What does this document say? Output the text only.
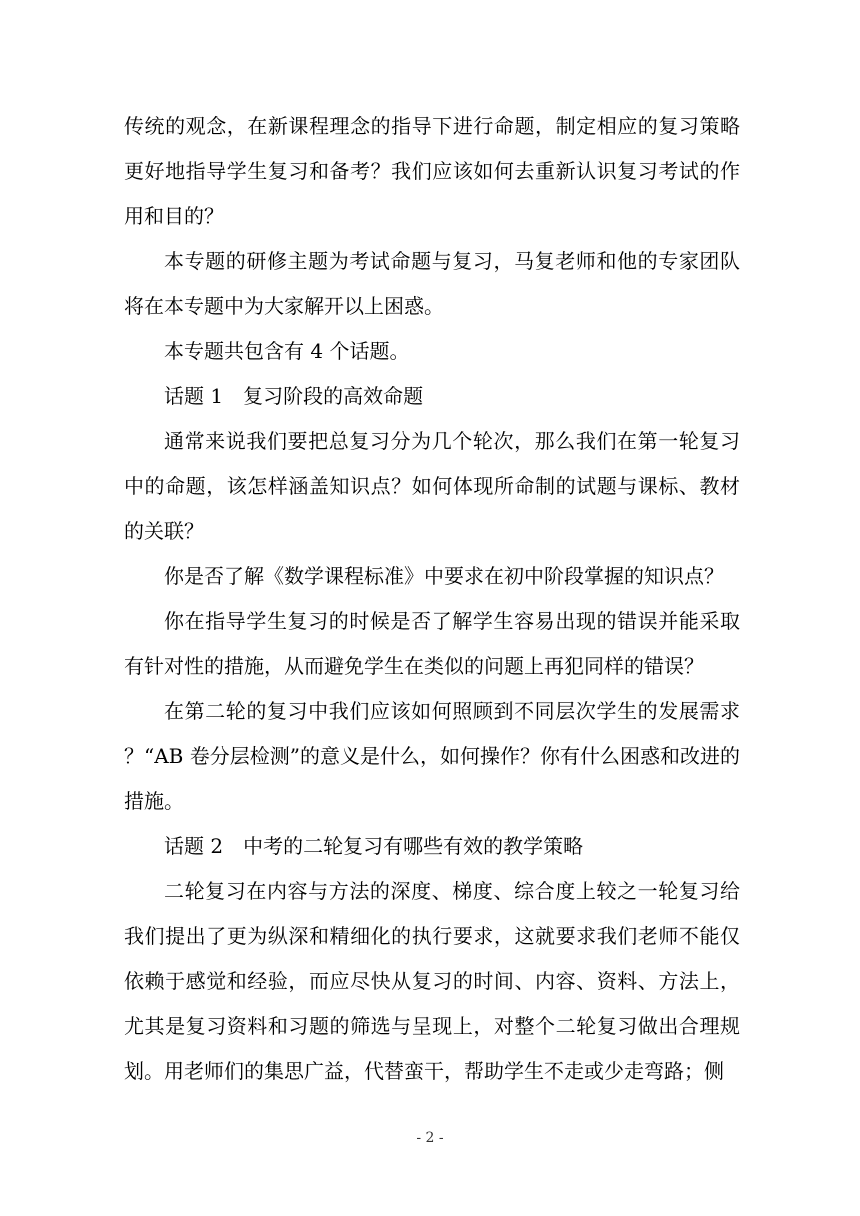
传统的观念，在新课程理念的指导下进行命题，制定相应的复习策略更好地指导学生复习和备考？我们应该如何去重新认识复习考试的作用和目的？

本专题的研修主题为考试命题与复习，马复老师和他的专家团队将在本专题中为大家解开以上困惑。

本专题共包含有 4 个话题。

话题 1　复习阶段的高效命题

通常来说我们要把总复习分为几个轮次，那么我们在第一轮复习中的命题，该怎样涵盖知识点？如何体现所命制的试题与课标、教材的关联？

你是否了解《数学课程标准》中要求在初中阶段掌握的知识点？

你在指导学生复习的时候是否了解学生容易出现的错误并能采取有针对性的措施，从而避免学生在类似的问题上再犯同样的错误？

在第二轮的复习中我们应该如何照顾到不同层次学生的发展需求？“AB 卷分层检测”的意义是什么，如何操作？你有什么困惑和改进的措施。

话题 2　中考的二轮复习有哪些有效的教学策略

二轮复习在内容与方法的深度、梯度、综合度上较之一轮复习给我们提出了更为纵深和精细化的执行要求，这就要求我们老师不能仅依赖于感觉和经验，而应尽快从复习的时间、内容、资料、方法上，尤其是复习资料和习题的筛选与呈现上，对整个二轮复习做出合理规划。用老师们的集思广益，代替蛮干，帮助学生不走或少走弯路；侧

- 2 -
